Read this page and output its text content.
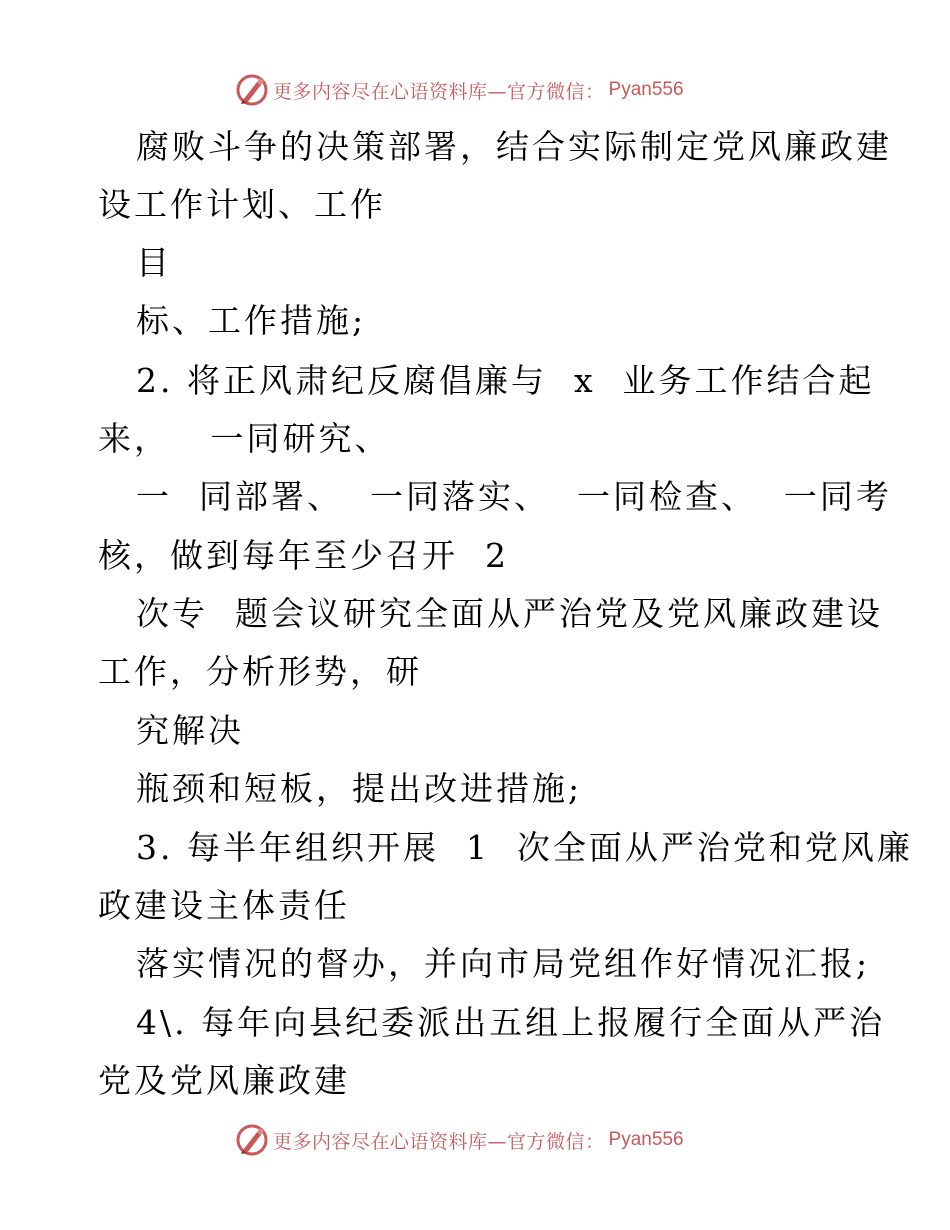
更多内容尽在心语资料库—官方微信： Pyan556
腐败斗争的决策部署，结合实际制定党风廉政建
设工作计划、工作
目
标、工作措施;
2. 将正风肃纪反腐倡廉与  x  业务工作结合起
来，   一同研究、
一  同部署、  一同落实、  一同检查、  一同考
核，做到每年至少召开  2
次专  题会议研究全面从严治党及党风廉政建设
工作，分析形势，研
究解决
瓶颈和短板，提出改进措施;
3. 每半年组织开展  1  次全面从严治党和党风廉
政建设主体责任
落实情况的督办，并向市局党组作好情况汇报;
4\. 每年向县纪委派出五组上报履行全面从严治
党及党风廉政建
更多内容尽在心语资料库—官方微信： Pyan556
